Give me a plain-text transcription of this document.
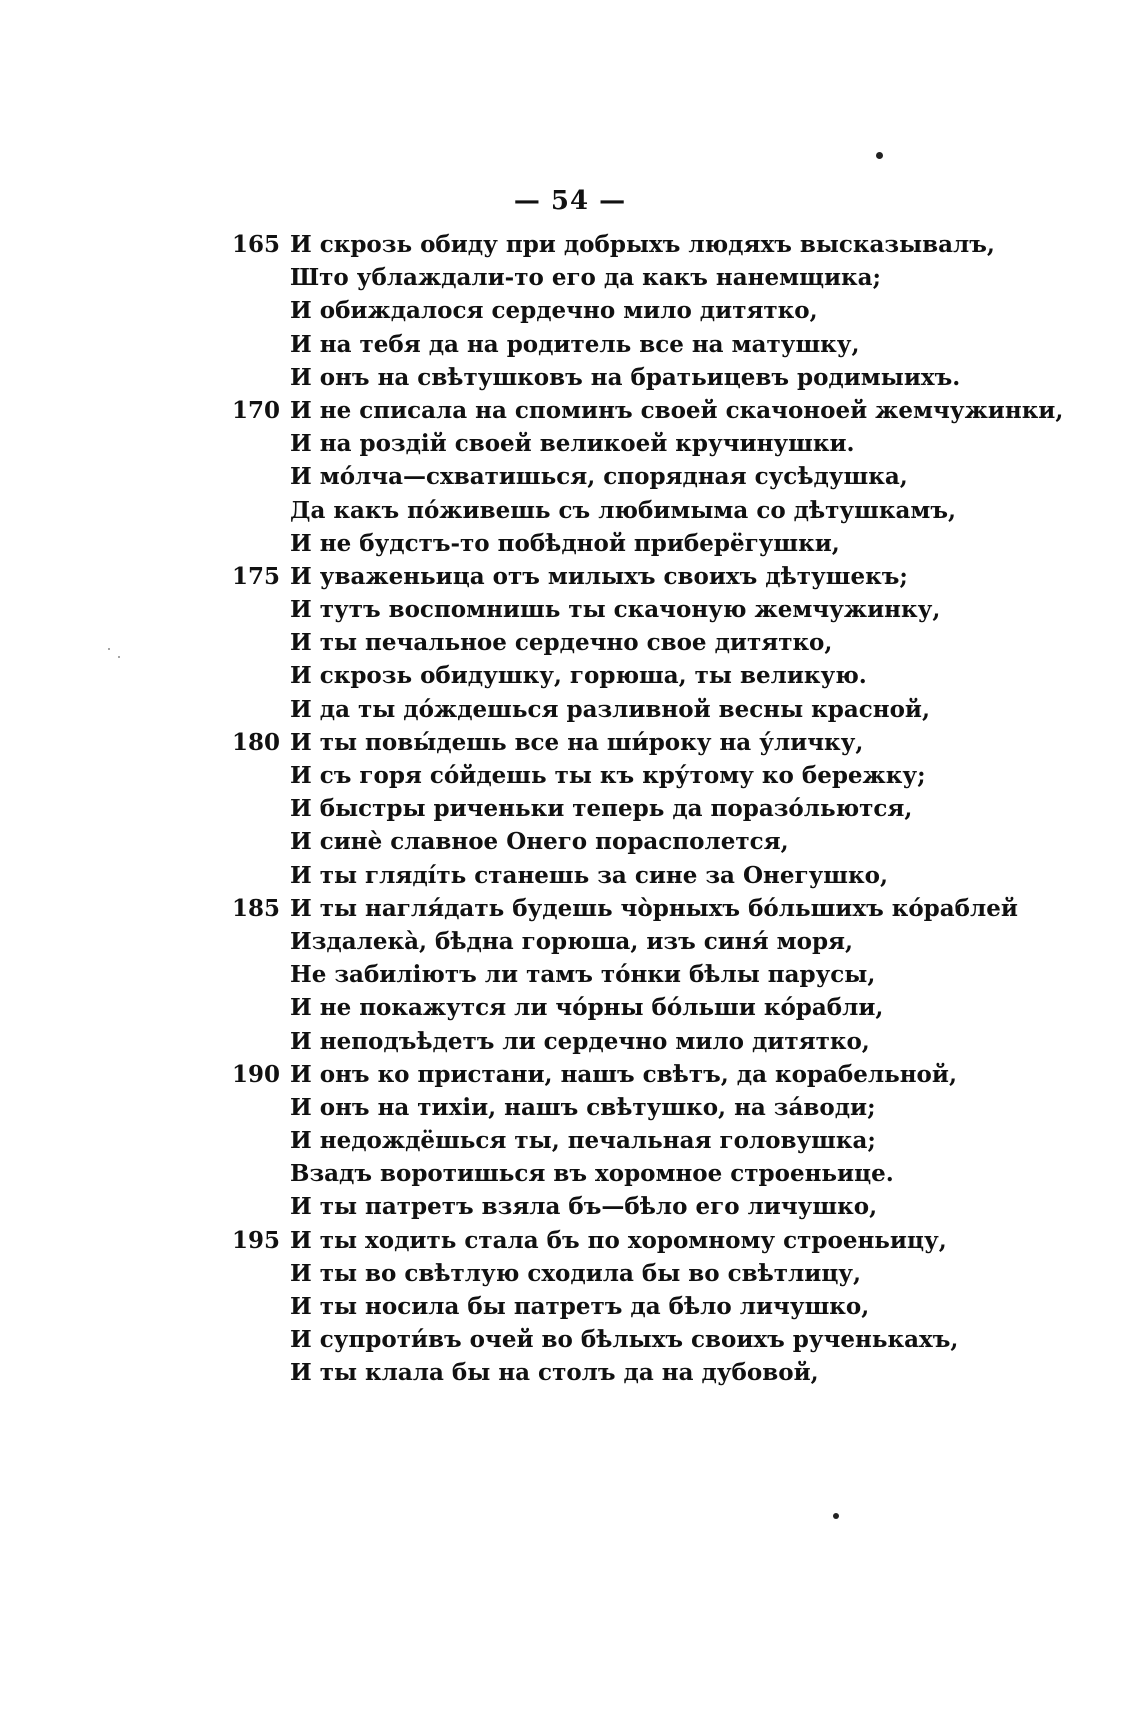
— 54 —
165 И скрозь обиду при добрыхъ людяхъ высказывалъ,
Што ублаждали-то его да какъ нанемщика;
И обиждалося сердечно мило дитятко,
И на тебя да на родитель все на матушку,
И онъ на свѣтушковъ на братьицевъ родимыихъ.
170 И не списала на споминъ своей скачоноей жемчужинки,
И на роздій своей великоей кручинушки.
И мóлча—схватишься, спорядная сусѣдушка,
Да какъ пóживешь съ любимыма со дѣтушкамъ,
И не будстъ-то побѣдной приберёгушки,
175 И уваженьица отъ милыхъ своихъ дѣтушекъ;
И тутъ воспомнишь ты скачоную жемчужинку,
И ты печальное сердечно свое дитятко,
И скрозь обидушку, горюша, ты великую.
И да ты дóждешься разливной весны красной,
180 И ты повы́дешь все на ши́року на у́личку,
И съ горя сóйдешь ты къ кру́тому ко бережку;
И быстры риченьки теперь да поразóльются,
И синѐ славное Онего порасполется,
И ты глядíть станешь за сине за Онегушко,
185 И ты нагля́дать будешь чòрныхъ бóльшихъ кóраблей
Издалекà, бѣдна горюша, изъ синя́ моря,
Не забиліютъ ли тамъ тóнки бѣлы парусы,
И не покажутся ли чóрны бóльши кóрабли,
И неподъѣдетъ ли сердечно мило дитятко,
190 И онъ ко пристани, нашъ свѣтъ, да корабельной,
И онъ на тихіи, нашъ свѣтушко, на зáводи;
И недождёшься ты, печальная головушка;
Взадъ воротишься въ хоромное строеньице.
И ты патретъ взяла бъ—бѣло его личушко,
195 И ты ходить стала бъ по хоромному строеньицу,
И ты во свѣтлую сходила бы во свѣтлицу,
И ты носила бы патретъ да бѣло личушко,
И супроти́въ очей во бѣлыхъ своихъ рученькахъ,
И ты клала бы на столъ да на дубовой,
